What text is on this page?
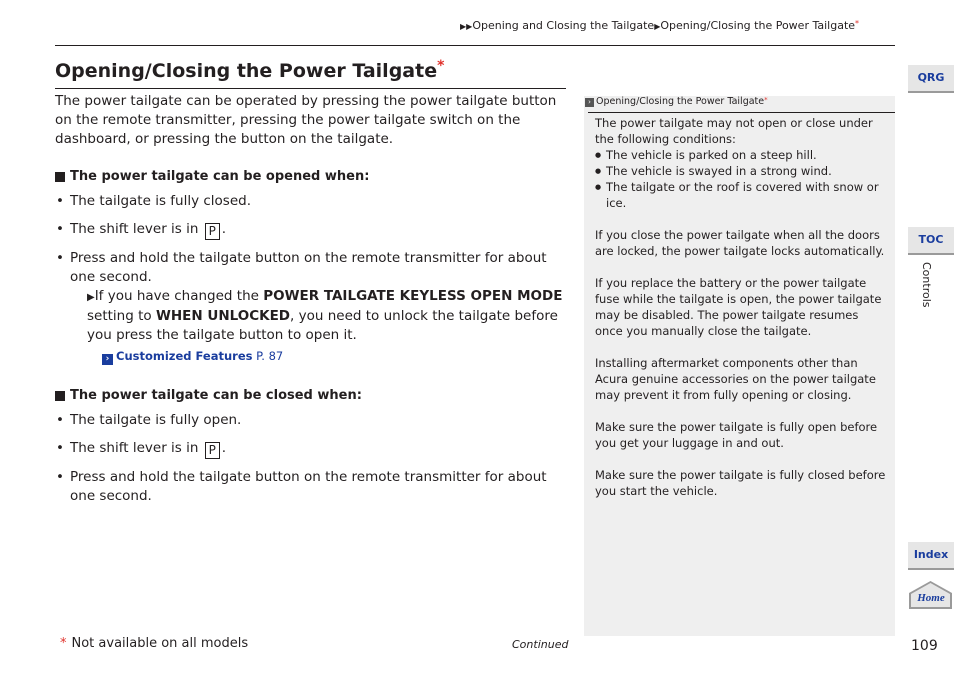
▶▶Opening and Closing the Tailgate▶Opening/Closing the Power Tailgate*
Opening/Closing the Power Tailgate*

The power tailgate can be operated by pressing the power tailgate button on the remote transmitter, pressing the power tailgate switch on the dashboard, or pressing the button on the tailgate.

The power tailgate can be opened when:
• The tailgate is fully closed.
• The shift lever is in P .
• Press and hold the tailgate button on the remote transmitter for about one second.
▶If you have changed the POWER TAILGATE KEYLESS OPEN MODE setting to WHEN UNLOCKED, you need to unlock the tailgate before you press the tailgate button to open it.
› Customized Features P. 87
The power tailgate can be closed when:
• The tailgate is fully open.
• The shift lever is in P .
• Press and hold the tailgate button on the remote transmitter for about one second.
› Opening/Closing the Power Tailgate*

The power tailgate may not open or close under the following conditions:

● The vehicle is parked on a steep hill.
● The vehicle is swayed in a strong wind.
● The tailgate or the roof is covered with snow or ice.

If you close the power tailgate when all the doors are locked, the power tailgate locks automatically.

If you replace the battery or the power tailgate fuse while the tailgate is open, the power tailgate may be disabled. The power tailgate resumes once you manually close the tailgate.

Installing aftermarket components other than Acura genuine accessories on the power tailgate may prevent it from fully opening or closing.

Make sure the power tailgate is fully open before you get your luggage in and out.

Make sure the power tailgate is fully closed before you start the vehicle.

QRG
TOC
Controls
Index
Home
* Not available on all models	Continued	109
